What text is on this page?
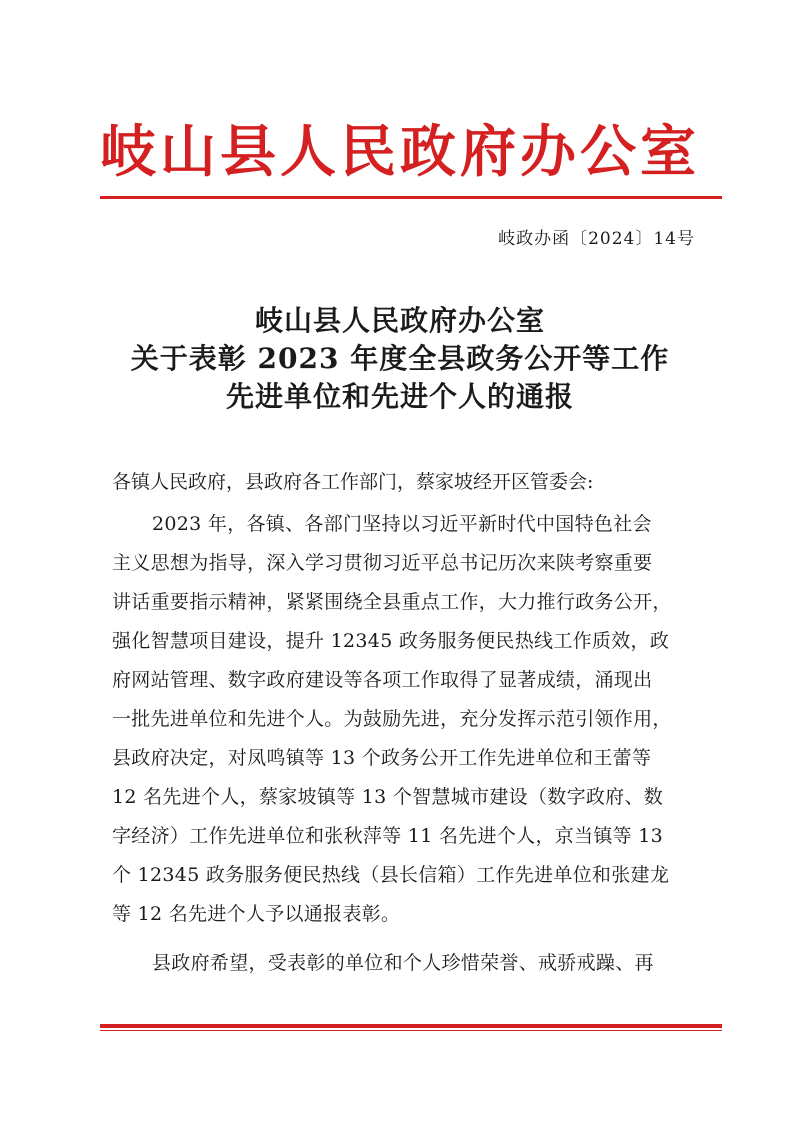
岐山县人民政府办公室
岐政办函〔2024〕14号
岐山县人民政府办公室
关于表彰 2023 年度全县政务公开等工作
先进单位和先进个人的通报
各镇人民政府，县政府各工作部门，蔡家坡经开区管委会:
2023 年，各镇、各部门坚持以习近平新时代中国特色社会
主义思想为指导，深入学习贯彻习近平总书记历次来陕考察重要
讲话重要指示精神，紧紧围绕全县重点工作，大力推行政务公开，
强化智慧项目建设，提升 12345 政务服务便民热线工作质效，政
府网站管理、数字政府建设等各项工作取得了显著成绩，涌现出
一批先进单位和先进个人。为鼓励先进，充分发挥示范引领作用，
县政府决定，对凤鸣镇等 13 个政务公开工作先进单位和王蕾等
12 名先进个人，蔡家坡镇等 13 个智慧城市建设（数字政府、数
字经济）工作先进单位和张秋萍等 11 名先进个人，京当镇等 13
个 12345 政务服务便民热线（县长信箱）工作先进单位和张建龙
等 12 名先进个人予以通报表彰。
县政府希望，受表彰的单位和个人珍惜荣誉、戒骄戒躁、再
